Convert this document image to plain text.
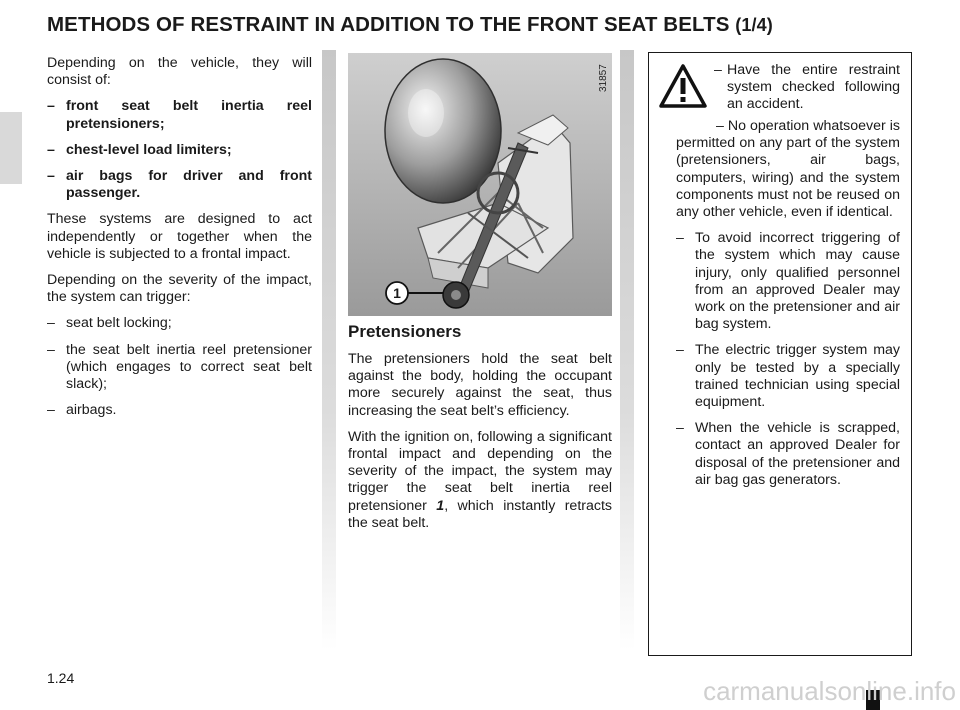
METHODS OF RESTRAINT IN ADDITION TO THE FRONT SEAT BELTS (1/4)

Depending on the vehicle, they will consist of:

– front seat belt inertia reel pretensioners;
– chest-level load limiters;
– air bags for driver and front passenger.

These systems are designed to act independently or together when the vehicle is subjected to a frontal impact.

Depending on the severity of the impact, the system can trigger:

– seat belt locking;
– the seat belt inertia reel pretensioner (which engages to correct seat belt slack);
– airbags.
1
31857
Pretensioners

The pretensioners hold the seat belt against the body, holding the occupant more securely against the seat, thus increasing the seat belt’s efficiency.

With the ignition on, following a significant frontal impact and depending on the severity of the impact, the system may trigger the seat belt inertia reel pretensioner 1, which instantly retracts the seat belt.

– Have the entire restraint system checked following an accident.
– No operation whatsoever is permitted on any part of the system (pretensioners, air bags, computers, wiring) and the system components must not be reused on any other vehicle, even if identical.
– To avoid incorrect triggering of the system which may cause injury, only qualified personnel from an approved Dealer may work on the pretensioner and air bag system.
– The electric trigger system may only be tested by a specially trained technician using special equipment.
– When the vehicle is scrapped, contact an approved Dealer for disposal of the pretensioner and air bag gas generators.
1.24	carmanualsonline.info
